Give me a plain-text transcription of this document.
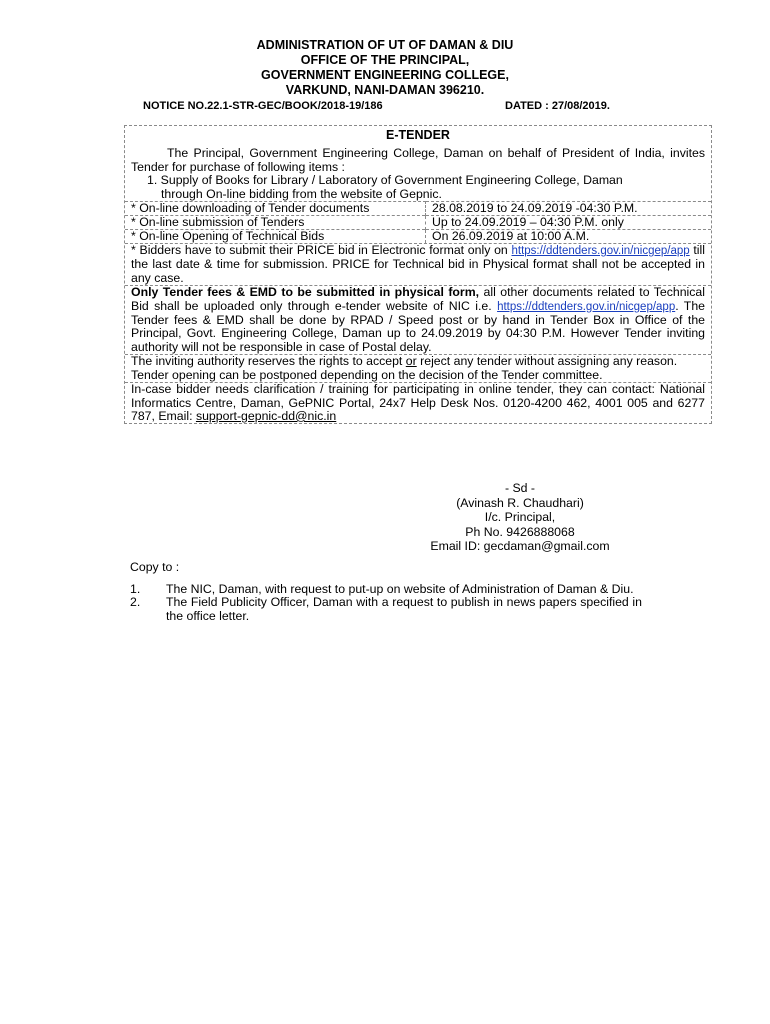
ADMINISTRATION OF UT OF DAMAN & DIU
OFFICE OF THE PRINCIPAL,
GOVERNMENT ENGINEERING COLLEGE,
VARKUND, NANI-DAMAN 396210.
NOTICE NO.22.1-STR-GEC/BOOK/2018-19/186	DATED : 27/08/2019.
E-TENDER
The Principal, Government Engineering College, Daman on behalf of President of India, invites Tender for purchase of following items :
1. Supply of Books for Library / Laboratory of Government Engineering College, Daman
through On-line bidding from the website of Gepnic.
* On-line downloading of Tender documents	28.08.2019 to 24.09.2019 -04:30 P.M.
* On-line submission of Tenders	Up to 24.09.2019 – 04:30 P.M. only
* On-line Opening of Technical Bids	On 26.09.2019 at 10:00 A.M.
* Bidders have to submit their PRICE bid in Electronic format only on https://ddtenders.gov.in/nicgep/app till the last date & time for submission. PRICE for Technical bid in Physical format shall not be accepted in any case.
Only Tender fees & EMD to be submitted in physical form, all other documents related to Technical Bid shall be uploaded only through e-tender website of NIC i.e. https://ddtenders.gov.in/nicgep/app. The Tender fees & EMD shall be done by RPAD / Speed post or by hand in Tender Box in Office of the Principal, Govt. Engineering College, Daman up to 24.09.2019 by 04:30 P.M. However Tender inviting authority will not be responsible in case of Postal delay.
The inviting authority reserves the rights to accept or reject any tender without assigning any reason. Tender opening can be postponed depending on the decision of the Tender committee.
In-case bidder needs clarification / training for participating in online tender, they can contact: National Informatics Centre, Daman, GePNIC Portal, 24x7 Help Desk Nos. 0120-4200 462, 4001 005 and 6277 787, Email: support-gepnic-dd@nic.in
- Sd -
(Avinash R. Chaudhari)
I/c. Principal,
Ph No. 9426888068
Email ID: gecdaman@gmail.com
Copy to :
1. The NIC, Daman, with request to put-up on website of Administration of Daman & Diu.
2. The Field Publicity Officer, Daman with a request to publish in news papers specified in the office letter.
